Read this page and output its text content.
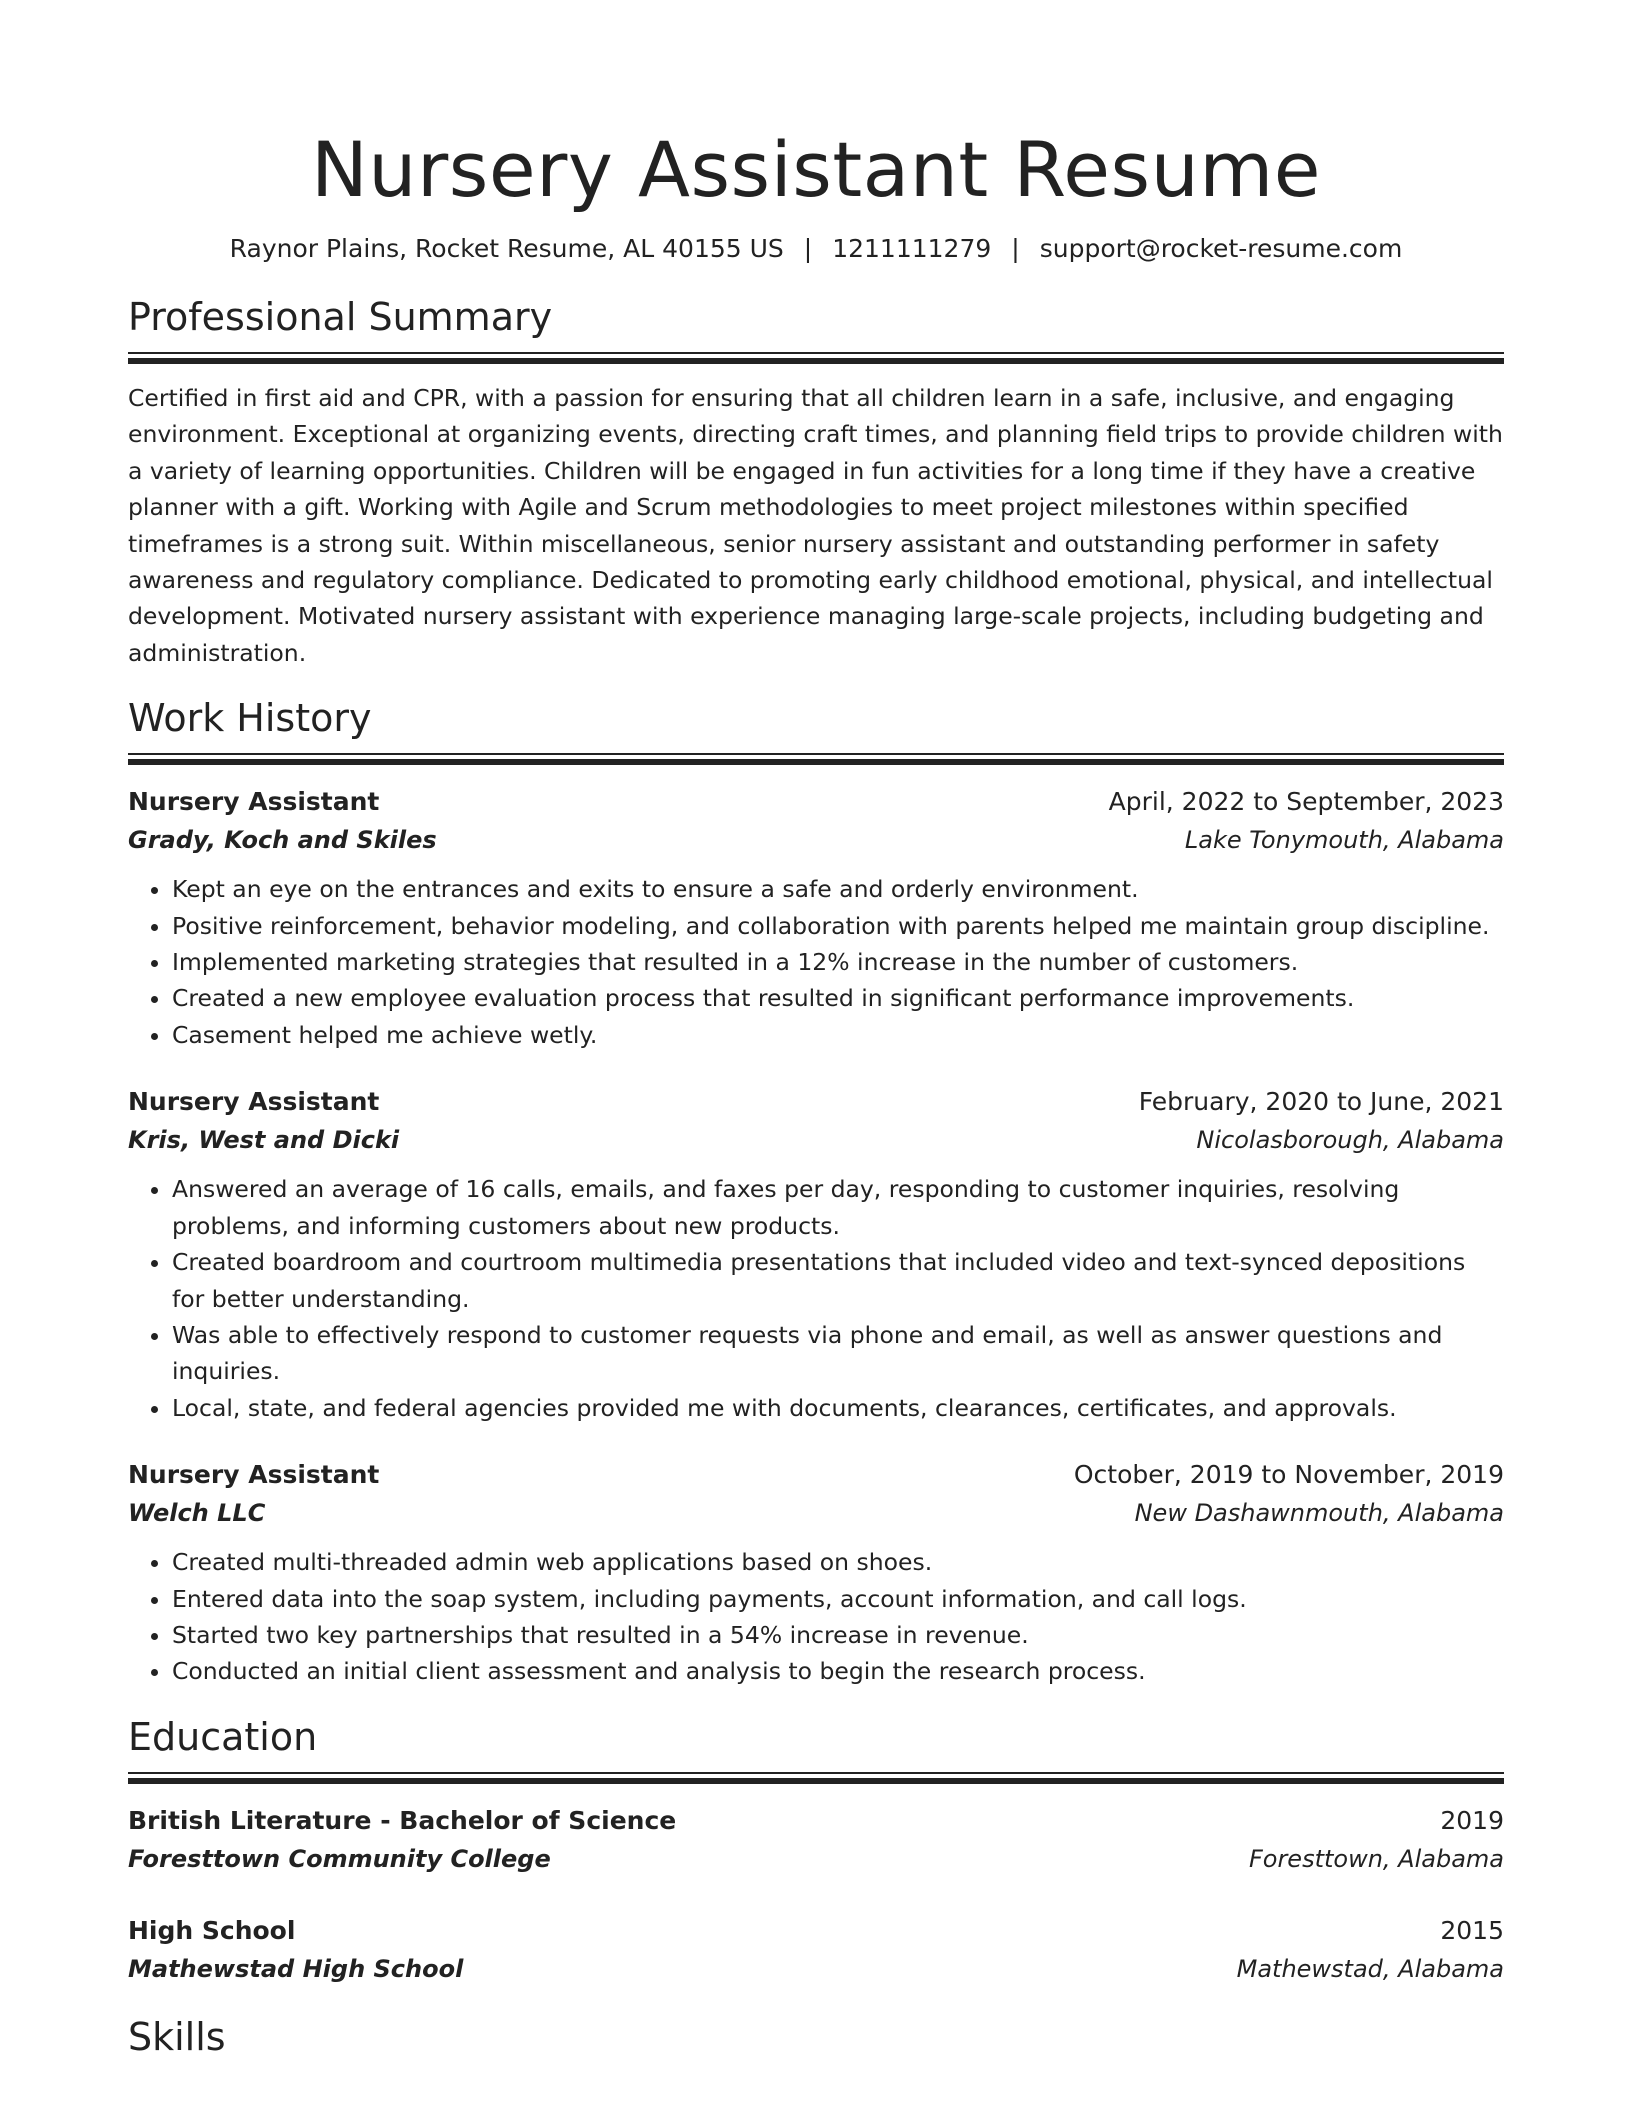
Nursery Assistant Resume
Raynor Plains, Rocket Resume, AL 40155 US | 1211111279 | support@rocket-resume.com
Professional Summary

Certified in first aid and CPR, with a passion for ensuring that all children learn in a safe, inclusive, and engaging environment. Exceptional at organizing events, directing craft times, and planning field trips to provide children with a variety of learning opportunities. Children will be engaged in fun activities for a long time if they have a creative planner with a gift. Working with Agile and Scrum methodologies to meet project milestones within specified timeframes is a strong suit. Within miscellaneous, senior nursery assistant and outstanding performer in safety awareness and regulatory compliance. Dedicated to promoting early childhood emotional, physical, and intellectual development. Motivated nursery assistant with experience managing large-scale projects, including budgeting and administration.

Work History
Nursery Assistant	April, 2022 to September, 2023
Grady, Koch and Skiles	Lake Tonymouth, Alabama
• Kept an eye on the entrances and exits to ensure a safe and orderly environment.
• Positive reinforcement, behavior modeling, and collaboration with parents helped me maintain group discipline.
• Implemented marketing strategies that resulted in a 12% increase in the number of customers.
• Created a new employee evaluation process that resulted in significant performance improvements.
• Casement helped me achieve wetly.
Nursery Assistant	February, 2020 to June, 2021
Kris, West and Dicki	Nicolasborough, Alabama
• Answered an average of 16 calls, emails, and faxes per day, responding to customer inquiries, resolving problems, and informing customers about new products.
• Created boardroom and courtroom multimedia presentations that included video and text-synced depositions for better understanding.
• Was able to effectively respond to customer requests via phone and email, as well as answer questions and inquiries.
• Local, state, and federal agencies provided me with documents, clearances, certificates, and approvals.
Nursery Assistant	October, 2019 to November, 2019
Welch LLC	New Dashawnmouth, Alabama
• Created multi-threaded admin web applications based on shoes.
• Entered data into the soap system, including payments, account information, and call logs.
• Started two key partnerships that resulted in a 54% increase in revenue.
• Conducted an initial client assessment and analysis to begin the research process.
Education
British Literature - Bachelor of Science	2019
Foresttown Community College	Foresttown, Alabama
High School	2015
Mathewstad High School	Mathewstad, Alabama
Skills
